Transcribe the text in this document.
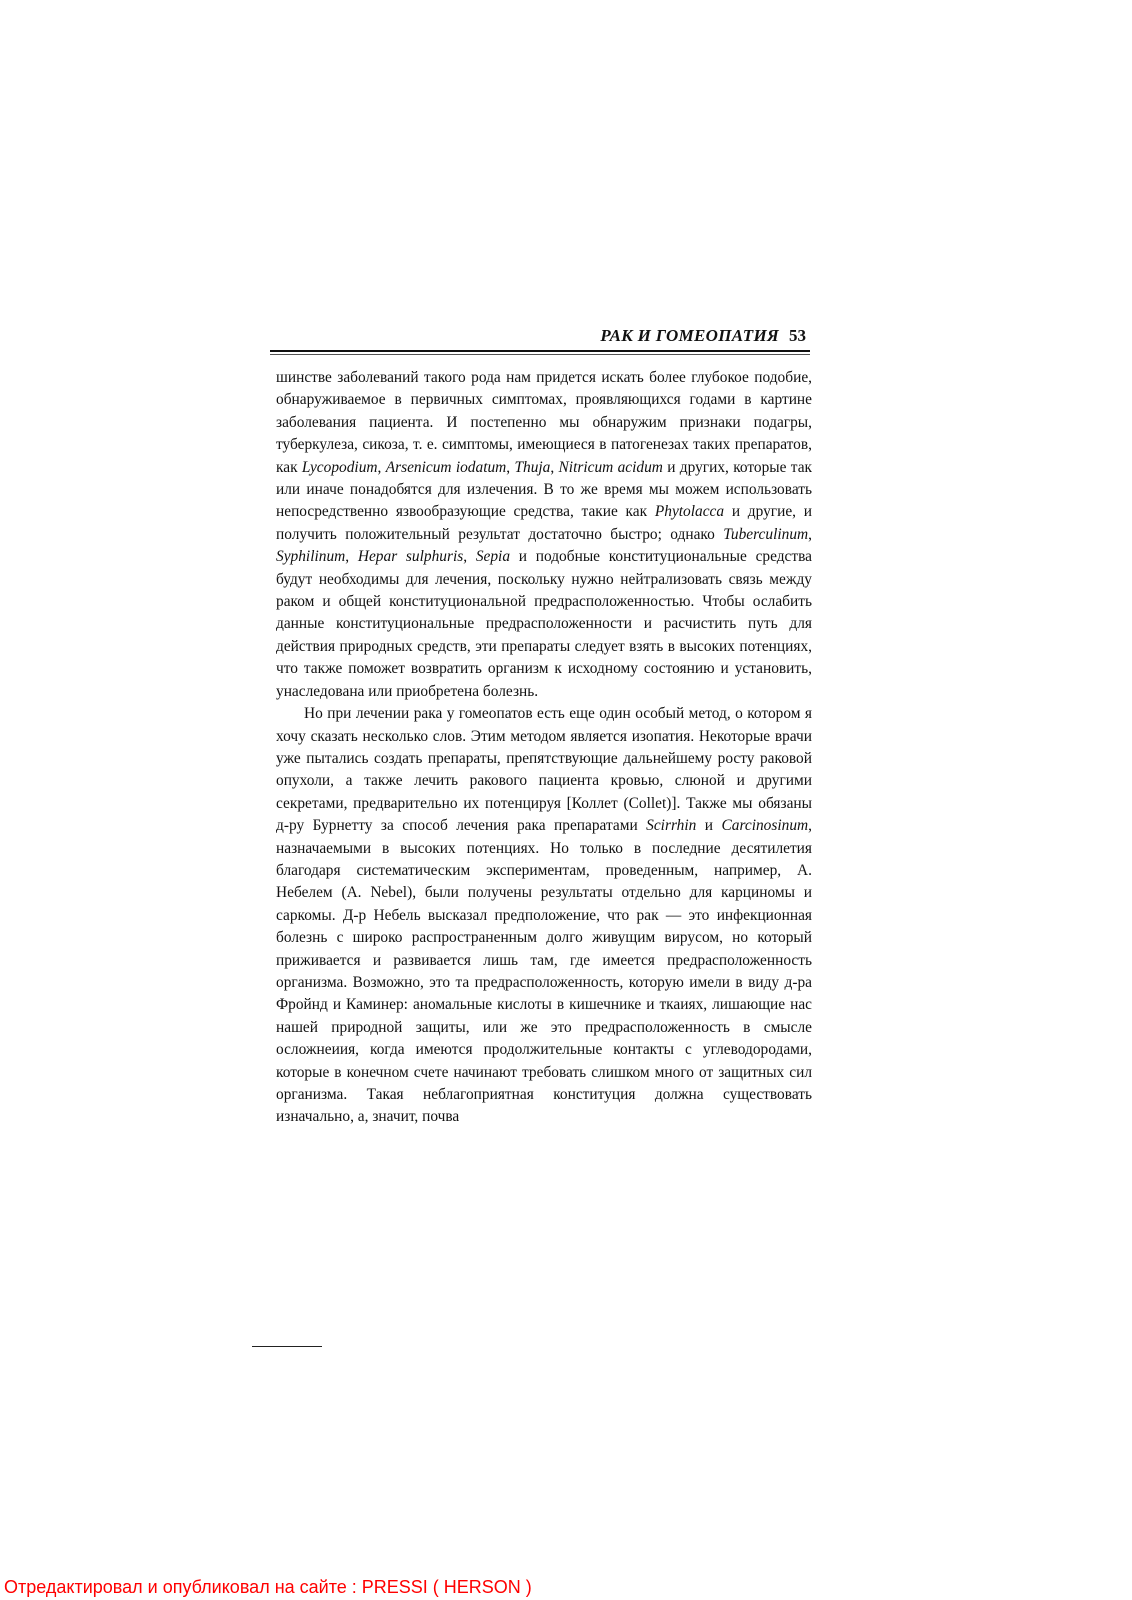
РАК И ГОМЕОПАТИЯ 53

шинстве заболеваний такого рода нам придется искать более глубокое подобие, обнаруживаемое в первичных симптомах, проявляющихся годами в картине заболевания пациента. И постепенно мы обнаружим признаки подагры, туберкулеза, сикоза, т. е. симптомы, имеющиеся в патогенезах таких препаратов, как Lycopodium, Arsenicum iodatum, Thuja, Nitricum acidum и других, которые так или иначе понадобятся для излечения. В то же время мы можем использовать непосредственно язвообразующие средства, такие как Phytolacca и другие, и получить положительный результат достаточно быстро; однако Tuberculinum, Syphilinum, Hepar sulphuris, Sepia и подобные конституциональные средства будут необходимы для лечения, поскольку нужно нейтрализовать связь между раком и общей конституциональной предрасположенностью. Чтобы ослабить данные конституциональные предрасположенности и расчистить путь для действия природных средств, эти препараты следует взять в высоких потенциях, что также поможет возвратить организм к исходному состоянию и установить, унаследована или приобретена болезнь.

Но при лечении рака у гомеопатов есть еще один особый метод, о котором я хочу сказать несколько слов. Этим методом является изопатия. Некоторые врачи уже пытались создать препараты, препятствующие дальнейшему росту раковой опухоли, а также лечить ракового пациента кровью, слюной и другими секретами, предварительно их потенцируя [Коллет (Collet)]. Также мы обязаны д-ру Бурнетту за способ лечения рака препаратами Scirrhin и Carcinosinum, назначаемыми в высоких потенциях. Но только в последние десятилетия благодаря систематическим экспериментам, проведенным, например, А. Небелем (A. Nebel), были получены результаты отдельно для карциномы и саркомы. Д-р Небель высказал предположение, что рак — это инфекционная болезнь с широко распространенным долго живущим вирусом, но который приживается и развивается лишь там, где имеется предрасположенность организма. Возможно, это та предрасположенность, которую имели в виду д-ра Фройнд и Каминер: аномальные кислоты в кишечнике и ткаиях, лишающие нас нашей природной защиты, или же это предрасположенность в смысле осложнеиия, когда имеются продолжительные контакты с углеводородами, которые в конечном счете начинают требовать слишком много от защитных сил организма. Такая неблагоприятная конституция должна существовать изначально, а, значит, почва

Отредактировал и опубликовал на сайте : PRESSI ( HERSON )
